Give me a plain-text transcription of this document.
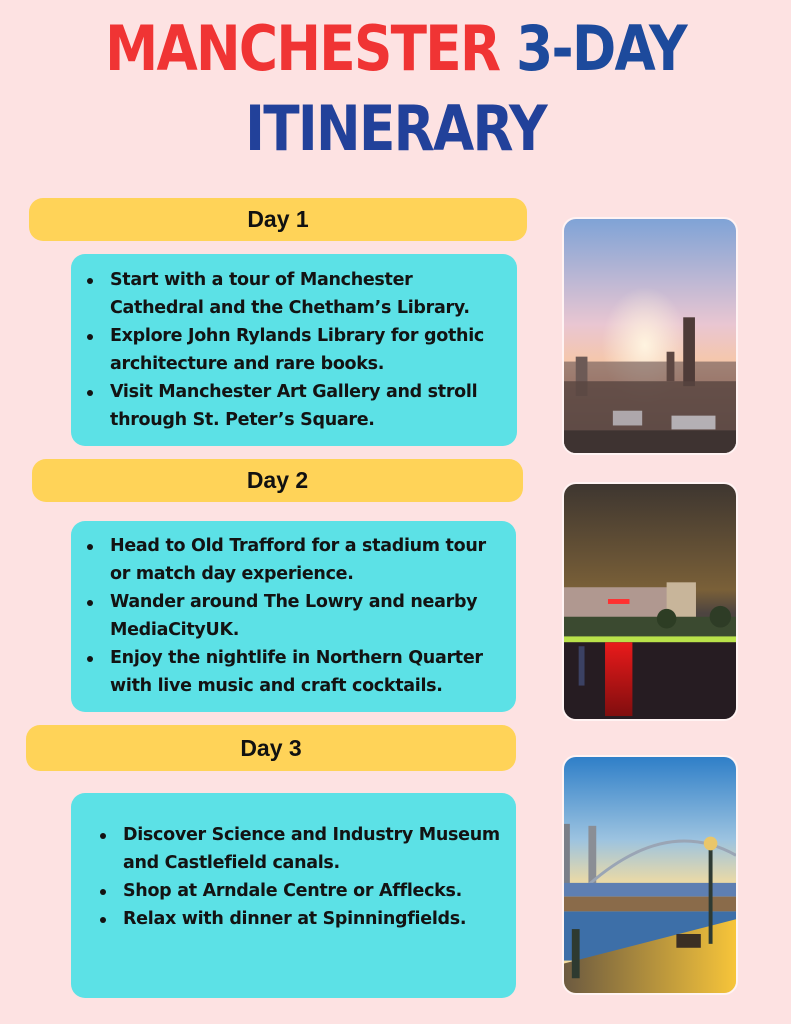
MANCHESTER 3-DAY
ITINERARY
Day 1
Start with a tour of Manchester Cathedral and the Chetham’s Library.
Explore John Rylands Library for gothic architecture and rare books.
Visit Manchester Art Gallery and stroll through St. Peter’s Square.
Day 2
Head to Old Trafford for a stadium tour or match day experience.
Wander around The Lowry and nearby MediaCityUK.
Enjoy the nightlife in Northern Quarter with live music and craft cocktails.
Day 3
Discover Science and Industry Museum and Castlefield canals.
Shop at Arndale Centre or Afflecks.
Relax with dinner at Spinningfields.
